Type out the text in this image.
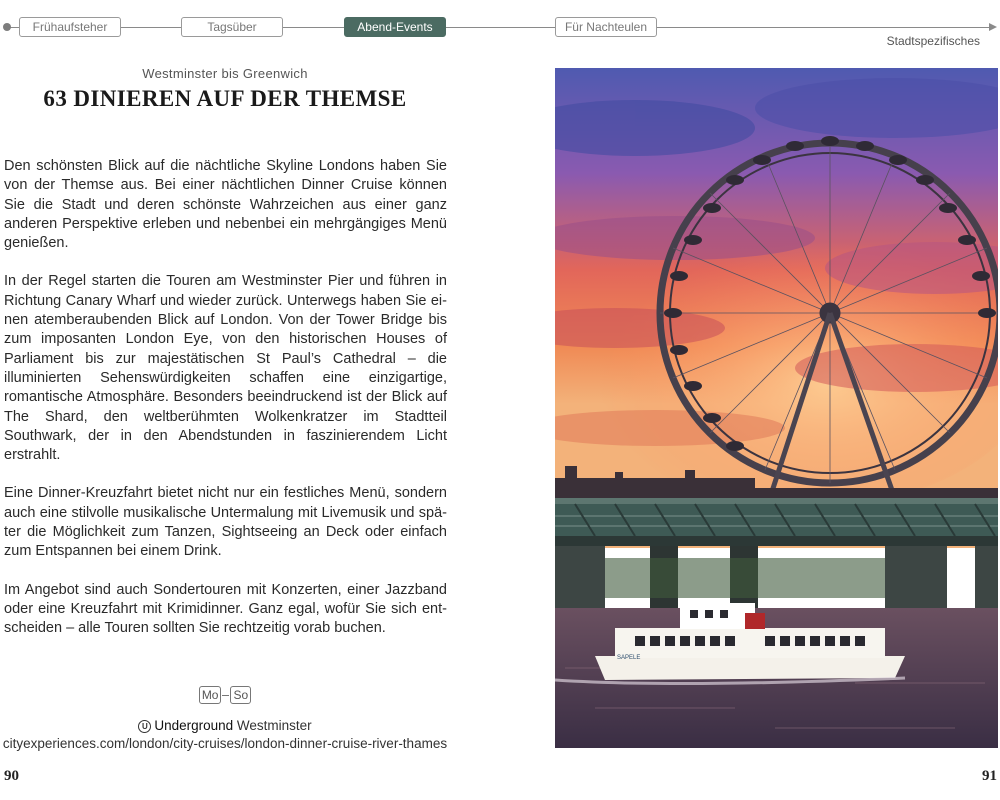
Frühaufsteher	Tagsüber	Abend-Events	Für Nachteulen
Stadtspezifisches
Westminster bis Greenwich
63 DINIEREN AUF DER THEMSE

Den schönsten Blick auf die nächtliche Skyline Londons haben Sie von der Themse aus. Bei einer nächtlichen Dinner Cruise können Sie die Stadt und deren schönste Wahrzeichen aus einer ganz anderen Perspektive erleben und nebenbei ein mehrgängiges Menü genießen.

In der Regel starten die Touren am Westminster Pier und führen in Richtung Canary Wharf und wieder zurück. Unterwegs haben Sie einen atemberaubenden Blick auf London. Von der Tower Bridge bis zum imposanten London Eye, von den historischen Houses of Parliament bis zur majestätischen St Paul’s Cathedral – die illuminierten Sehenswürdigkeiten schaffen eine einzigartige, romantische Atmosphäre. Besonders beeindruckend ist der Blick auf The Shard, den weltberühmten Wolkenkratzer im Stadtteil Southwark, der in den Abendstunden in faszinierendem Licht erstrahlt.

Eine Dinner-Kreuzfahrt bietet nicht nur ein festliches Menü, sondern auch eine stilvolle musikalische Untermalung mit Livemusik und später die Möglichkeit zum Tanzen, Sightseeing an Deck oder einfach zum Entspannen bei einem Drink.

Im Angebot sind auch Sondertouren mit Konzerten, einer Jazzband oder eine Kreuzfahrt mit Krimidinner. Ganz egal, wofür Sie sich entscheiden – alle Touren sollten Sie rechtzeitig vorab buchen.

Mo So
U Underground Westminster
cityexperiences.com/london/city-cruises/london-dinner-cruise-river-thames
90	91
SAPELE
